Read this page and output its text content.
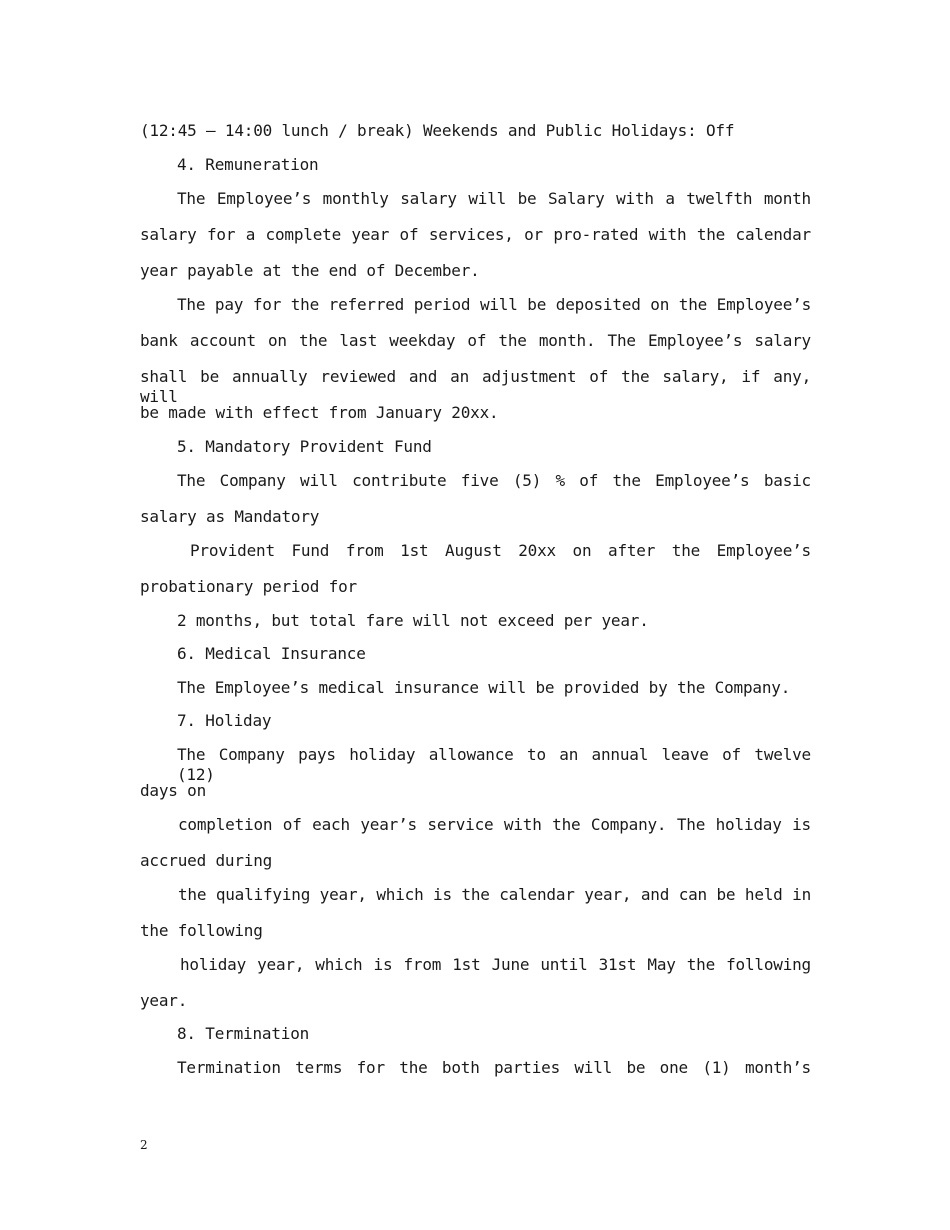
(12:45 – 14:00 lunch / break) Weekends and Public Holidays: Off
4. Remuneration
The Employee’s monthly salary will be Salary with a twelfth month
salary for a complete year of services, or pro-rated with the calendar
year payable at the end of December.
The pay for the referred period will be deposited on the Employee’s
bank account on the last weekday of the month. The Employee’s salary
shall be annually reviewed and an adjustment of the salary, if any, will
be made with effect from January 20xx.
5. Mandatory Provident Fund
The Company will contribute five (5) % of the Employee’s basic
salary as Mandatory
Provident Fund from 1st August 20xx on after the Employee’s
probationary period for
2 months, but total fare will not exceed per year.
6. Medical Insurance
The Employee’s medical insurance will be provided by the Company.
7. Holiday
The Company pays holiday allowance to an annual leave of twelve (12)
days on
completion of each year’s service with the Company. The holiday is
accrued during
the qualifying year, which is the calendar year, and can be held in
the following
holiday year, which is from 1st June until 31st May the following
year.
8. Termination
Termination terms for the both parties will be one (1) month’s
2
